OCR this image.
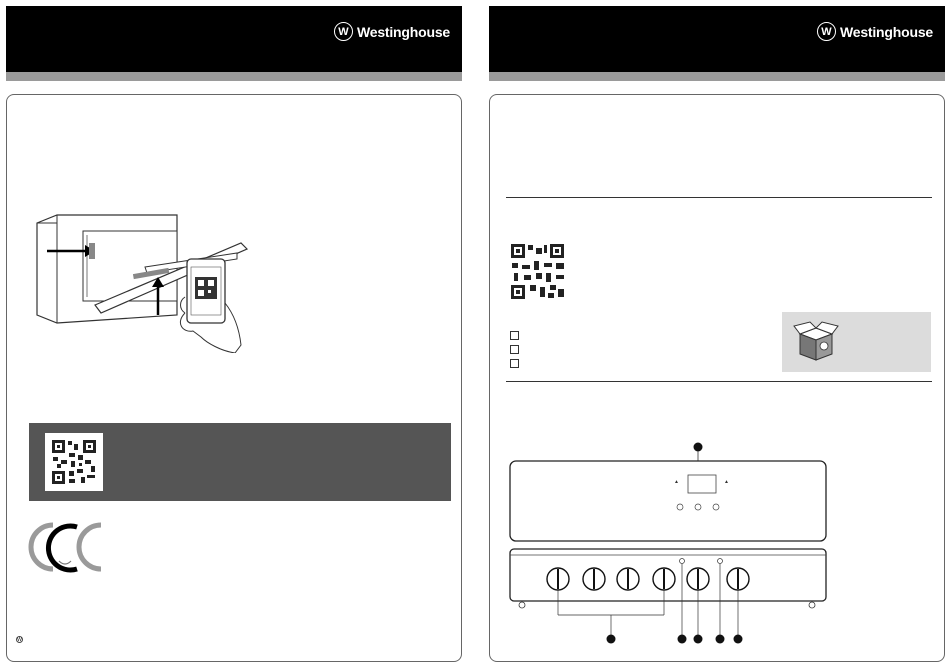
W Westinghouse
W
W Westinghouse
▲	▲
